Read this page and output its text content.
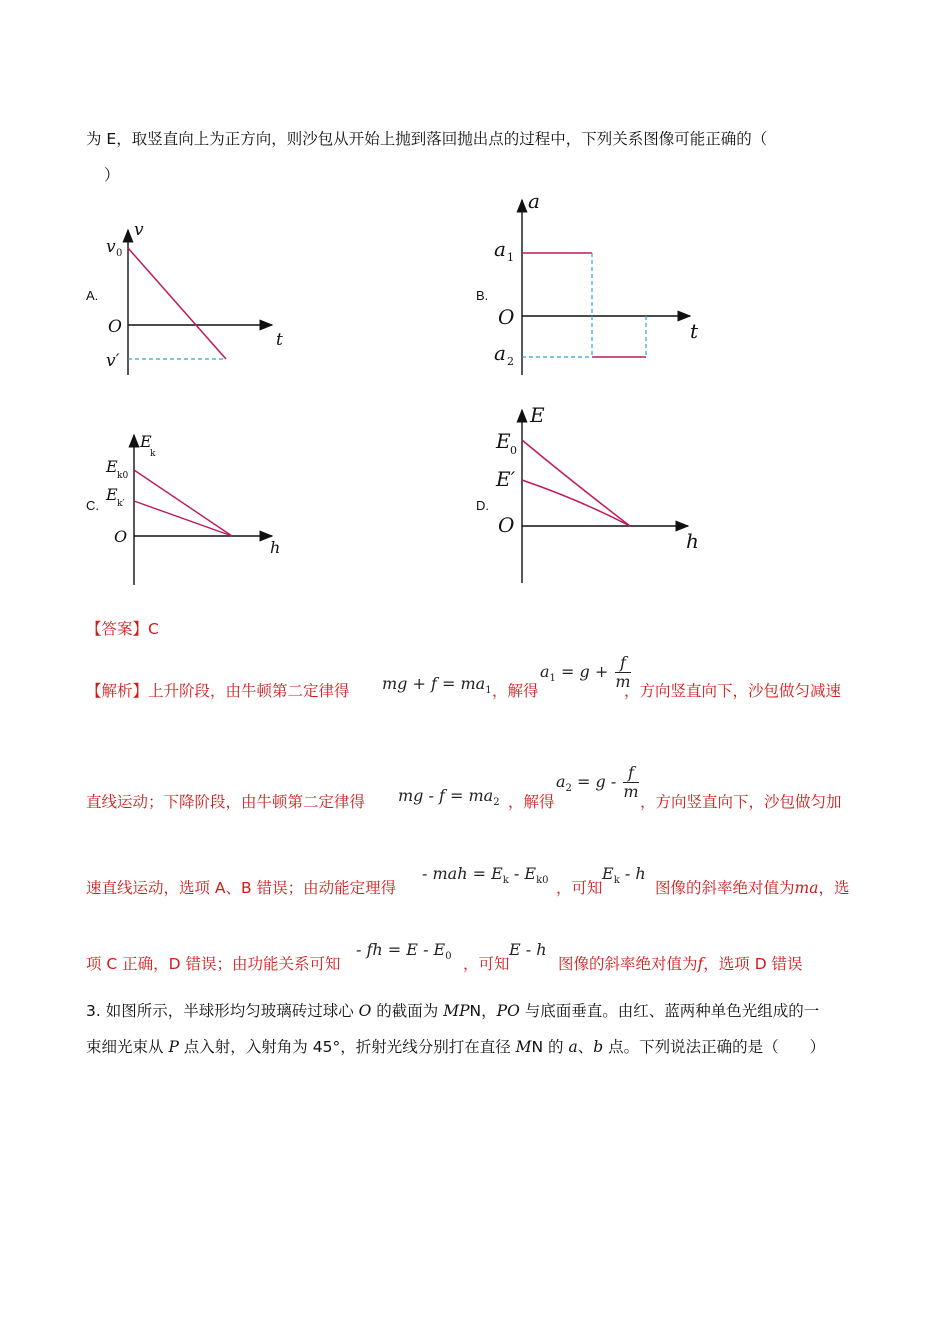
为 E，取竖直向上为正方向，则沙包从开始上抛到落回抛出点的过程中，下列关系图像可能正确的（
）
A.
v
t
O
v 0
v′
B.
a
t
O
a 1
a 2
C.
E
k
h
O
E k0
E k′	D.
E
h
O
E 0
E′
【答案】C
【解析】上升阶段，由牛顿第二定律得 mg + $f = ma_1$ ，解得
$a_1 = g + \frac{f}{m}$
，方向竖直向下，沙包做匀减速
直线运动；下降阶段，由牛顿第二定律得 mg - $f = ma_2$ ，解得
$a_2 = g - \frac{f}{m}$
，方向竖直向下，沙包做匀加
速直线运动，选项 A、B 错误；由动能定理得
- mah = $E_k - E_{k0}$ ，可知
$E_k$ - h
图像的斜率绝对值为ma，选
项 C 正确，D 错误；由功能关系可知
- fh = E - $E_0$ ，可知
E - h
图像的斜率绝对值为f，选项 D 错误
3. 如图所示，半球形均匀玻璃砖过球心 O 的截面为 MPN，PO 与底面垂直。由红、蓝两种单色光组成的一
束细光束从 P 点入射，入射角为 45°，折射光线分别打在直径 MN 的 a、b 点。下列说法正确的是（　　）
